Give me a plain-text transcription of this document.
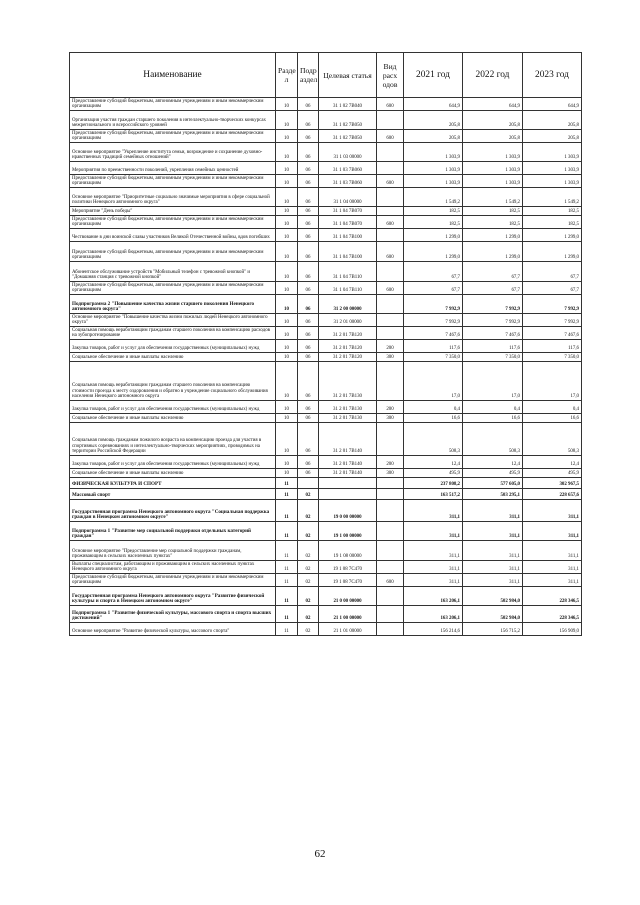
Наименование	Разде л	Подр аздел	Целевая статья	Вид расх одов	2021 год	2022 год	2023 год
Предоставление субсидий бюджетным, автономным учреждениям и иным некоммерческим организациям	10	06	31 1 02 7В040	600	644,9	644,9	644,9
Организация участия граждан старшего поколения в интеллектуально-творческих конкурсах межрегионального и всероссийского уровней	10	06	31 1 02 7В050		205,8	205,8	205,8
Предоставление субсидий бюджетным, автономным учреждениям и иным некоммерческим организациям	10	06	31 1 02 7В050	600	205,8	205,8	205,8
Основное мероприятие "Укрепление института семьи, возрождение и сохранение духовно-нравственных традиций семейных отношений"	10	06	31 1 03 00000		1 303,9	1 303,9	1 303,9
Мероприятия по преемственности поколений, укрепления семейных ценностей	10	06	31 1 03 7В060		1 303,9	1 303,9	1 303,9
Предоставление субсидий бюджетным, автономным учреждениям и иным некоммерческим организациям	10	06	31 1 03 7В060	600	1 303,9	1 303,9	1 303,9
Основное мероприятие "Приоритетные социально значимые мероприятия в сфере социальной политики Ненецкого автономного округа"	10	06	31 1 04 00000		1 549,2	1 549,2	1 549,2
Мероприятие "День победы"	10	06	31 1 04 7В070		182,5	182,5	182,5
Предоставление субсидий бюджетным, автономным учреждениям и иным некоммерческим организациям	10	06	31 1 04 7В070	600	182,5	182,5	182,5
Чествование в дни воинской славы участников Великой Отечественной войны, вдов погибших	10	06	31 1 04 7В100		1 299,0	1 299,0	1 299,0
Предоставление субсидий бюджетным, автономным учреждениям и иным некоммерческим организациям	10	06	31 1 04 7В100	600	1 299,0	1 299,0	1 299,0
Абонентское обслуживание устройств "Мобильный телефон с тревожной кнопкой" и "Домашняя станция с тревожной кнопкой"	10	06	31 1 04 7В110		67,7	67,7	67,7
Предоставление субсидий бюджетным, автономным учреждениям и иным некоммерческим организациям	10	06	31 1 04 7В110	600	67,7	67,7	67,7
Подпрограмма 2 "Повышение качества жизни старшего поколения Ненецкого автономного округа"	10	06	31 2 00 00000		7 992,9	7 992,9	7 992,9
Основное мероприятие "Повышение качества жизни пожилых людей Ненецкого автономного округа"	10	06	31 2 01 00000		7 992,9	7 992,9	7 992,9
Социальная помощь неработающим гражданам старшего поколения на компенсацию расходов на зубопротезирование	10	06	31 2 01 7В120		7 467,6	7 467,6	7 467,6
Закупка товаров, работ и услуг для обеспечения государственных (муниципальных) нужд	10	06	31 2 01 7В120	200	117,6	117,6	117,6
Социальное обеспечение и иные выплаты населению	10	06	31 2 01 7В120	300	7 350,0	7 350,0	7 350,0
Социальная помощь неработающим гражданам старшего поколения на компенсацию стоимости проезда к месту оздоровления и обратно в учреждение социального обслуживания населения Ненецкого автономного округа	10	06	31 2 01 7В130		17,0	17,0	17,0
Закупка товаров, работ и услуг для обеспечения государственных (муниципальных) нужд	10	06	31 2 01 7В130	200	0,4	0,4	0,4
Социальное обеспечение и иные выплаты населению	10	06	31 2 01 7В130	300	16,6	16,6	16,6
Социальная помощь гражданам пожилого возраста на компенсацию проезда для участия в спортивных соревнованиях и интеллектуально-творческих мероприятиях, проводимых на территории Российской Федерации	10	06	31 2 01 7В140		508,3	508,3	508,3
Закупка товаров, работ и услуг для обеспечения государственных (муниципальных) нужд	10	06	31 2 01 7В140	200	12,4	12,4	12,4
Социальное обеспечение и иные выплаты населению	10	06	31 2 01 7В140	300	495,9	495,9	495,9
ФИЗИЧЕСКАЯ КУЛЬТУРА И СПОРТ	11				237 808,2	577 605,0	302 967,5
Массовый спорт	11	02			163 517,2	503 295,1	228 657,6
Государственная программа Ненецкого автономного округа "Социальная поддержка граждан в Ненецком автономном округе"	11	02	19 0 00 00000		311,1	311,1	311,1
Подпрограмма 1 "Развитие мер социальной поддержки отдельных категорий граждан"	11	02	19 1 00 00000		311,1	311,1	311,1
Основное мероприятие "Предоставление мер социальной поддержки гражданам, проживающим в сельских населенных пунктах"	11	02	19 1 08 00000		311,1	311,1	311,1
Выплаты специалистам, работающим и проживающим в сельских населенных пунктах Ненецкого автономного округа	11	02	19 1 08 7С470		311,1	311,1	311,1
Предоставление субсидий бюджетным, автономным учреждениям и иным некоммерческим организациям	11	02	19 1 08 7С470	600	311,1	311,1	311,1
Государственная программа Ненецкого автономного округа "Развитие физической культуры и спорта в Ненецком автономном округе"	11	02	21 0 00 00000		163 206,1	502 984,0	228 346,5
Подпрограмма 1 "Развитие физической культуры, массового спорта и спорта высших достижений"	11	02	21 1 00 00000		163 206,1	502 984,0	228 346,5
Основное мероприятие "Развитие физической культуры, массового спорта"	11	02	21 1 01 00000		156 214,6	156 715,2	156 909,0
62
